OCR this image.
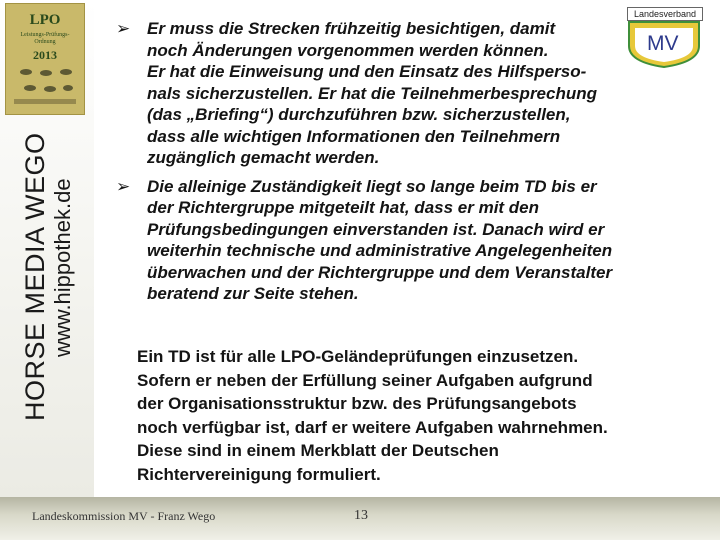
LPO
Leistungs-Prüfungs-Ordnung
2013
HORSE MEDIA WEGO www.hippothek.de
Landesverband
MV
➢ Er muss die Strecken frühzeitig besichtigen, damit

noch Änderungen vorgenommen werden können.

Er hat die Einweisung und den Einsatz des Hilfsperso-

nals sicherzustellen. Er hat die Teilnehmerbesprechung

(das „Briefing“) durchzuführen bzw. sicherzustellen,

dass alle wichtigen Informationen den Teilnehmern

zugänglich gemacht werden.

➢ Die alleinige Zuständigkeit liegt so lange beim TD bis er

der Richtergruppe mitgeteilt hat, dass er mit den

Prüfungsbedingungen einverstanden ist. Danach wird er

weiterhin technische und administrative Angelegenheiten

überwachen und der Richtergruppe und dem Veranstalter

beratend zur Seite stehen.

Ein TD ist für alle LPO-Geländeprüfungen einzusetzen.

Sofern er neben der Erfüllung seiner Aufgaben aufgrund

der Organisationsstruktur bzw. des Prüfungsangebots

noch verfügbar ist, darf er weitere Aufgaben wahrnehmen.

Diese sind in einem Merkblatt der Deutschen

Richtervereinigung formuliert.

Landeskommission MV - Franz Wego	13
